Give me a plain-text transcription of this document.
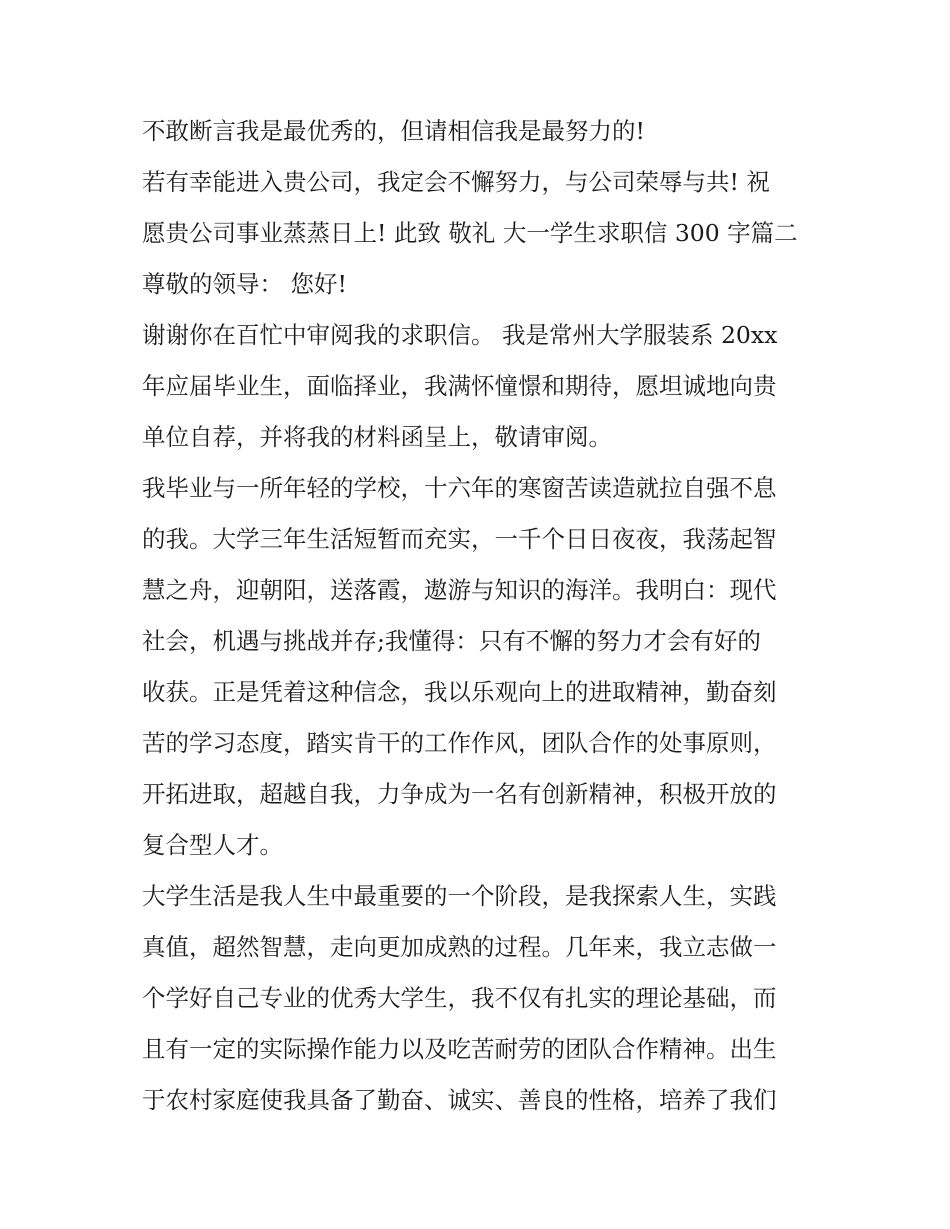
不敢断言我是最优秀的，但请相信我是最努力的!
若有幸能进入贵公司，我定会不懈努力，与公司荣辱与共! 祝
愿贵公司事业蒸蒸日上! 此致 敬礼 大一学生求职信 300 字篇二
尊敬的领导： 您好!
谢谢你在百忙中审阅我的求职信。 我是常州大学服装系 20xx
年应届毕业生，面临择业，我满怀憧憬和期待，愿坦诚地向贵
单位自荐，并将我的材料函呈上，敬请审阅。
我毕业与一所年轻的学校，十六年的寒窗苦读造就拉自强不息
的我。大学三年生活短暂而充实，一千个日日夜夜，我荡起智
慧之舟，迎朝阳，送落霞，遨游与知识的海洋。我明白：现代
社会，机遇与挑战并存;我懂得：只有不懈的努力才会有好的
收获。正是凭着这种信念，我以乐观向上的进取精神，勤奋刻
苦的学习态度，踏实肯干的工作作风，团队合作的处事原则，
开拓进取，超越自我，力争成为一名有创新精神，积极开放的
复合型人才。
大学生活是我人生中最重要的一个阶段，是我探索人生，实践
真值，超然智慧，走向更加成熟的过程。几年来，我立志做一
个学好自己专业的优秀大学生，我不仅有扎实的理论基础，而
且有一定的实际操作能力以及吃苦耐劳的团队合作精神。出生
于农村家庭使我具备了勤奋、诚实、善良的性格，培养了我们
